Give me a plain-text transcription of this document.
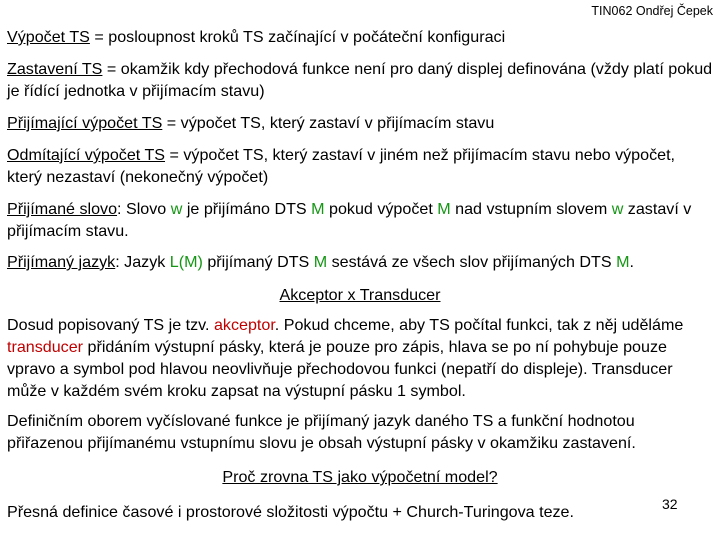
TIN062 Ondřej Čepek
Výpočet TS = posloupnost kroků TS začínající v počáteční konfiguraci
Zastavení TS = okamžik kdy přechodová funkce není pro daný displej definována (vždy platí pokud je řídící jednotka v přijímacím stavu)
Přijímající výpočet TS = výpočet TS, který zastaví v přijímacím stavu
Odmítající výpočet TS = výpočet TS, který zastaví v jiném než přijímacím stavu nebo výpočet, který nezastaví (nekonečný výpočet)
Přijímané slovo: Slovo w je přijímáno DTS M pokud výpočet M nad vstupním slovem w zastaví v přijímacím stavu.
Přijímaný jazyk: Jazyk L(M) přijímaný DTS M sestává ze všech slov přijímaných DTS M.
Akceptor x Transducer
Dosud popisovaný TS je tzv. akceptor. Pokud chceme, aby TS počítal funkci, tak z něj uděláme transducer přidáním výstupní pásky, která je pouze pro zápis, hlava se po ní pohybuje pouze vpravo a symbol pod hlavou neovlivňuje přechodovou funkci (nepatří do displeje). Transducer může v každém svém kroku zapsat na výstupní pásku 1 symbol.
Definičním oborem vyčíslované funkce je přijímaný jazyk daného TS a funkční hodnotou přiřazenou přijímanému vstupnímu slovu je obsah výstupní pásky v okamžiku zastavení.
Proč zrovna TS jako výpočetní model?
Přesná definice časové i prostorové složitosti výpočtu + Church-Turingova teze.	32
